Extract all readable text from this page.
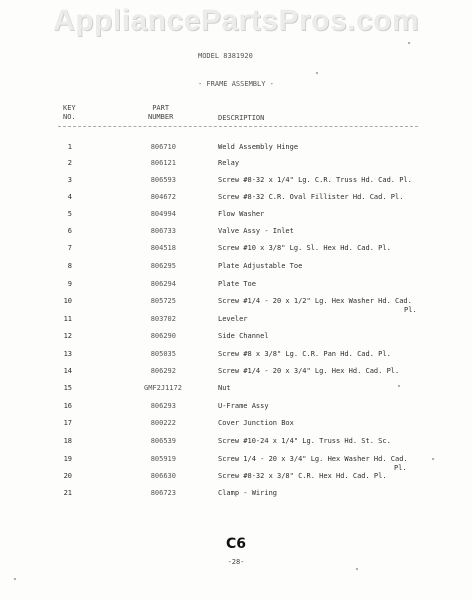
AppliancePartsPros.com
MODEL 8381920
- FRAME ASSEMBLY -
KEY
NO.
PART
NUMBER	DESCRIPTION
1	806710	Weld Assembly Hinge
2	806121	Relay
3	806593	Screw #8-32 x 1/4" Lg. C.R. Truss Hd. Cad. Pl.
4	804672	Screw #8-32 C.R. Oval Fillister Hd. Cad. Pl.
5	804994	Flow Washer
6	806733	Valve Assy - Inlet
7	804518	Screw #10 x 3/8" Lg. Sl. Hex Hd. Cad. Pl.
8	806295	Plate Adjustable Toe
9	806294	Plate Toe
10	805725	Screw #1/4 - 20 x 1/2" Lg. Hex Washer Hd. Cad.
Pl.
11	803702	Leveler
12	806290	Side Channel
13	805035	Screw #8 x 3/8" Lg. C.R. Pan Hd. Cad. Pl.
14	806292	Screw #1/4 - 20 x 3/4" Lg. Hex Hd. Cad. Pl.
15	GMF2J1172	Nut
16	806293	U-Frame Assy
17	800222	Cover Junction Box
18	806539	Screw #10-24 x 1/4" Lg. Truss Hd. St. Sc.
19	805919	Screw 1/4 - 20 x 3/4" Lg. Hex Washer Hd. Cad.
Pl.
20	806630	Screw #8-32 x 3/8" C.R. Hex Hd. Cad. Pl.
21	806723	Clamp - Wiring
C6
-28-
